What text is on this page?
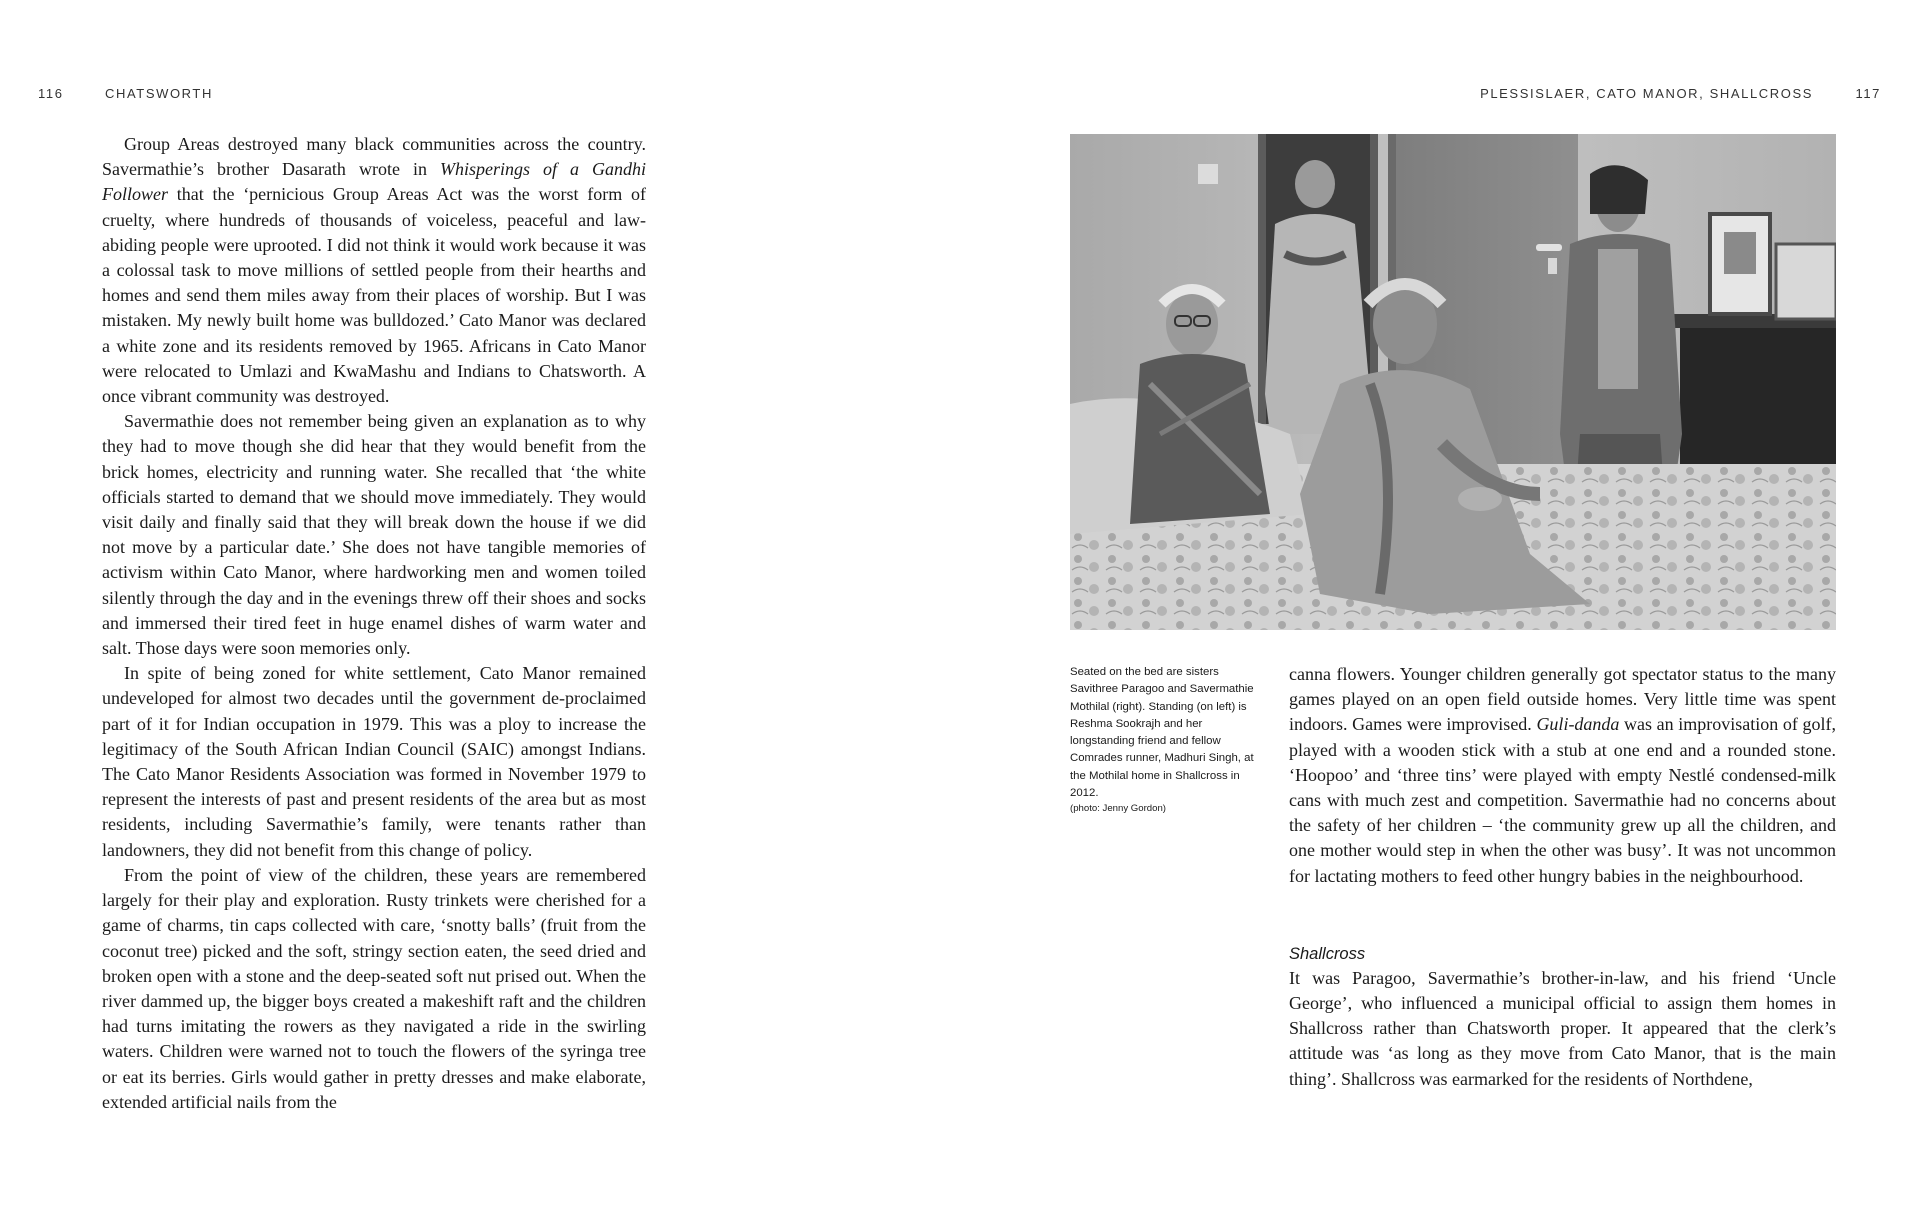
116	CHATSWORTH	PLESSISLAER, CATO MANOR, SHALLCROSS	117

Group Areas destroyed many black communities across the country. Savermathie’s brother Dasarath wrote in Whisperings of a Gandhi Follower that the ‘pernicious Group Areas Act was the worst form of cruelty, where hundreds of thousands of voiceless, peaceful and law-abiding people were uprooted. I did not think it would work because it was a colossal task to move millions of settled people from their hearths and homes and send them miles away from their places of worship. But I was mistaken. My newly built home was bulldozed.’ Cato Manor was declared a white zone and its residents removed by 1965. Africans in Cato Manor were relocated to Umlazi and KwaMashu and Indians to Chatsworth. A once vibrant community was destroyed.

Savermathie does not remember being given an explanation as to why they had to move though she did hear that they would benefit from the brick homes, electricity and running water. She recalled that ‘the white officials started to demand that we should move immediately. They would visit daily and finally said that they will break down the house if we did not move by a particular date.’ She does not have tangible memories of activism within Cato Manor, where hardworking men and women toiled silently through the day and in the evenings threw off their shoes and socks and immersed their tired feet in huge enamel dishes of warm water and salt. Those days were soon memories only.

In spite of being zoned for white settlement, Cato Manor remained undeveloped for almost two decades until the government de-proclaimed part of it for Indian occupation in 1979. This was a ploy to increase the legitimacy of the South African Indian Council (SAIC) amongst Indians. The Cato Manor Residents Association was formed in November 1979 to represent the interests of past and present residents of the area but as most residents, including Savermathie’s family, were tenants rather than landowners, they did not benefit from this change of policy.

From the point of view of the children, these years are remembered largely for their play and exploration. Rusty trinkets were cherished for a game of charms, tin caps collected with care, ‘snotty balls’ (fruit from the coconut tree) picked and the soft, stringy section eaten, the seed dried and broken open with a stone and the deep-seated soft nut prised out. When the river dammed up, the bigger boys created a makeshift raft and the children had turns imitating the rowers as they navigated a ride in the swirling waters. Children were warned not to touch the flowers of the syringa tree or eat its berries. Girls would gather in pretty dresses and make elaborate, extended artificial nails from the

Seated on the bed are sisters Savithree Paragoo and Savermathie Mothilal (right). Standing (on left) is Reshma Sookrajh and her longstanding friend and fellow Comrades runner, Madhuri Singh, at the Mothilal home in Shallcross in 2012.
(photo: Jenny Gordon)

canna flowers. Younger children generally got spectator status to the many games played on an open field outside homes. Very little time was spent indoors. Games were improvised. Guli-danda was an improvisation of golf, played with a wooden stick with a stub at one end and a rounded stone. ‘Hoopoo’ and ‘three tins’ were played with empty Nestlé condensed-milk cans with much zest and competition. Savermathie had no concerns about the safety of her children – ‘the community grew up all the children, and one mother would step in when the other was busy’. It was not uncommon for lactating mothers to feed other hungry babies in the neighbourhood.

Shallcross

It was Paragoo, Savermathie’s brother-in-law, and his friend ‘Uncle George’, who influenced a municipal official to assign them homes in Shallcross rather than Chatsworth proper. It appeared that the clerk’s attitude was ‘as long as they move from Cato Manor, that is the main thing’. Shallcross was earmarked for the residents of Northdene,
